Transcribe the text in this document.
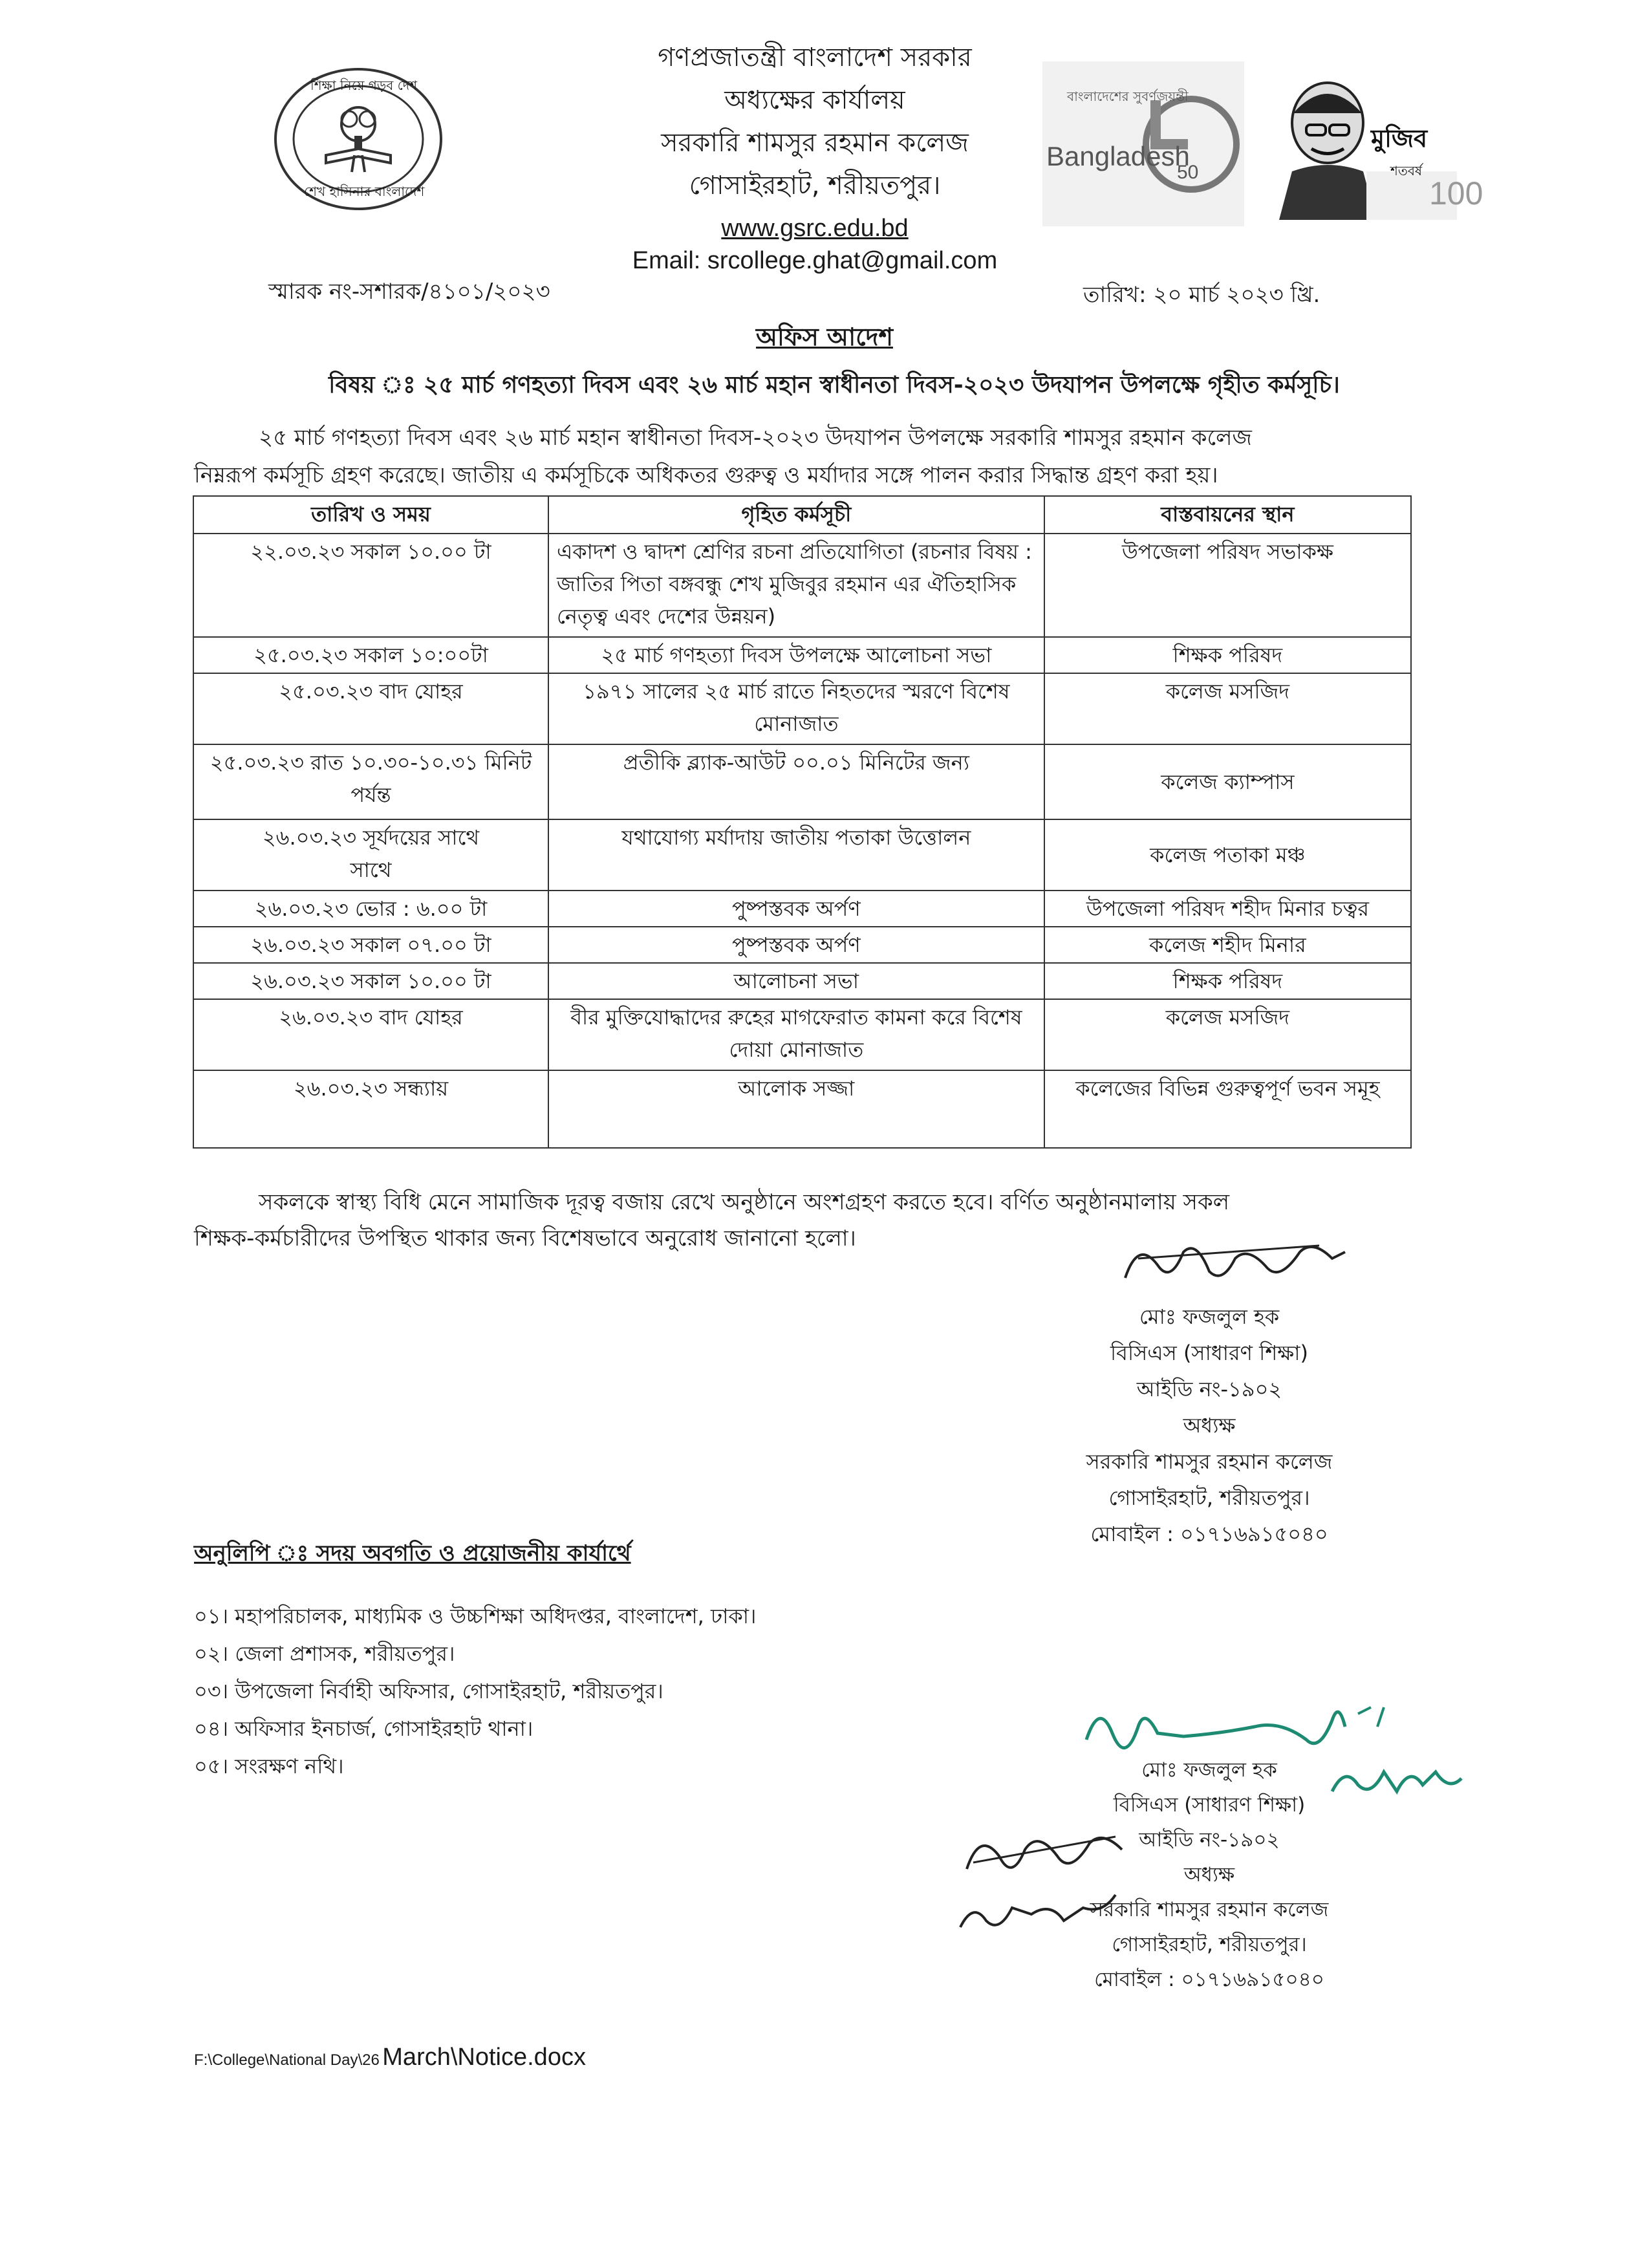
শিক্ষা নিয়ে গড়ব দেশ
শেখ হাসিনার বাংলাদেশ
বাংলাদেশের সুবর্ণজয়ন্তী
Bangladesh
50
মুজিব
শতবর্ষ
100
গণপ্রজাতন্ত্রী বাংলাদেশ সরকার
অধ্যক্ষের কার্যালয়
সরকারি শামসুর রহমান কলেজ
গোসাইরহাট, শরীয়তপুর।
www.gsrc.edu.bd
Email: srcollege.ghat@gmail.com
স্মারক নং-সশারক/৪১০১/২০২৩	তারিখ: ২০ মার্চ ২০২৩ খ্রি.
অফিস আদেশ
বিষয় ঃ ২৫ মার্চ গণহত্যা দিবস এবং ২৬ মার্চ মহান স্বাধীনতা দিবস-২০২৩ উদযাপন উপলক্ষে গৃহীত কর্মসূচি।
২৫ মার্চ গণহত্যা দিবস এবং ২৬ মার্চ মহান স্বাধীনতা দিবস-২০২৩ উদযাপন উপলক্ষে সরকারি শামসুর রহমান কলেজ
নিম্নরূপ কর্মসূচি গ্রহণ করেছে। জাতীয় এ কর্মসূচিকে অধিকতর গুরুত্ব ও মর্যাদার সঙ্গে পালন করার সিদ্ধান্ত গ্রহণ করা হয়।
তারিখ ও সময়	গৃহিত কর্মসূচী	বাস্তবায়নের স্থান
২২.০৩.২৩ সকাল ১০.০০ টা	একাদশ ও দ্বাদশ শ্রেণির রচনা প্রতিযোগিতা (রচনার বিষয় : জাতির পিতা বঙ্গবন্ধু শেখ মুজিবুর রহমান এর ঐতিহাসিক নেতৃত্ব এবং দেশের উন্নয়ন)	উপজেলা পরিষদ সভাকক্ষ
২৫.০৩.২৩ সকাল ১০:০০টা	২৫ মার্চ গণহত্যা দিবস উপলক্ষে আলোচনা সভা	শিক্ষক পরিষদ
২৫.০৩.২৩ বাদ যোহর	১৯৭১ সালের ২৫ মার্চ রাতে নিহতদের স্মরণে বিশেষ মোনাজাত	কলেজ মসজিদ
২৫.০৩.২৩ রাত ১০.৩০-১০.৩১ মিনিট পর্যন্ত	প্রতীকি ব্ল্যাক-আউট ০০.০১ মিনিটের জন্য	কলেজ ক্যাম্পাস
২৬.০৩.২৩ সূর্যদয়ের সাথে সাথে	যথাযোগ্য মর্যাদায় জাতীয় পতাকা উত্তোলন	কলেজ পতাকা মঞ্চ
২৬.০৩.২৩ ভোর : ৬.০০ টা	পুষ্পস্তবক অর্পণ	উপজেলা পরিষদ শহীদ মিনার চত্বর
২৬.০৩.২৩ সকাল ০৭.০০ টা	পুষ্পস্তবক অর্পণ	কলেজ শহীদ মিনার
২৬.০৩.২৩ সকাল ১০.০০ টা	আলোচনা সভা	শিক্ষক পরিষদ
২৬.০৩.২৩ বাদ যোহর	বীর মুক্তিযোদ্ধাদের রুহের মাগফেরাত কামনা করে বিশেষ দোয়া মোনাজাত	কলেজ মসজিদ
২৬.০৩.২৩ সন্ধ্যায়	আলোক সজ্জা	কলেজের বিভিন্ন গুরুত্বপূর্ণ ভবন সমূহ
সকলকে স্বাস্থ্য বিধি মেনে সামাজিক দূরত্ব বজায় রেখে অনুষ্ঠানে অংশগ্রহণ করতে হবে। বর্ণিত অনুষ্ঠানমালায় সকল
শিক্ষক-কর্মচারীদের উপস্থিত থাকার জন্য বিশেষভাবে অনুরোধ জানানো হলো।
মোঃ ফজলুল হক
বিসিএস (সাধারণ শিক্ষা)
আইডি নং-১৯০২
অধ্যক্ষ
সরকারি শামসুর রহমান কলেজ
গোসাইরহাট, শরীয়তপুর।
মোবাইল : ০১৭১৬৯১৫০৪০
অনুলিপি ঃ সদয় অবগতি ও প্রয়োজনীয় কার্যার্থে
০১। মহাপরিচালক, মাধ্যমিক ও উচ্চশিক্ষা অধিদপ্তর, বাংলাদেশ, ঢাকা।
০২। জেলা প্রশাসক, শরীয়তপুর।
০৩। উপজেলা নির্বাহী অফিসার, গোসাইরহাট, শরীয়তপুর।
০৪। অফিসার ইনচার্জ, গোসাইরহাট থানা।
০৫। সংরক্ষণ নথি।	মোঃ ফজলুল হক
বিসিএস (সাধারণ শিক্ষা)
আইডি নং-১৯০২
অধ্যক্ষ
সরকারি শামসুর রহমান কলেজ
গোসাইরহাট, শরীয়তপুর।
মোবাইল : ০১৭১৬৯১৫০৪০
F:\College\National Day\26 March\Notice.docx
